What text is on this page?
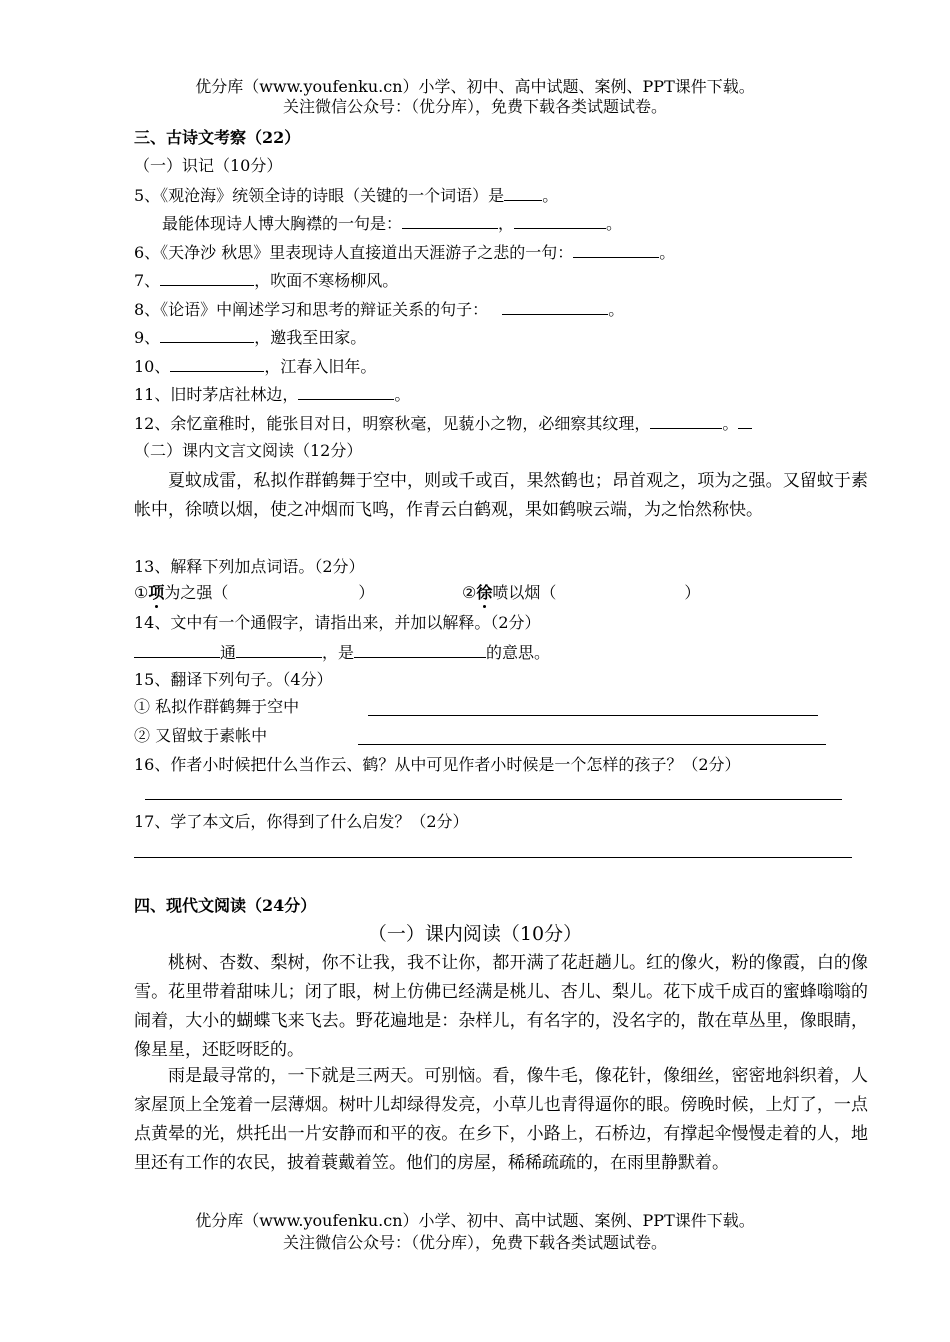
优分库（www.youfenku.cn）小学、初中、高中试题、案例、PPT课件下载。
关注微信公众号：（优分库），免费下载各类试题试卷。
三、古诗文考察（22）
（一）识记（10分）
5、《观沧海》统领全诗的诗眼（关键的一个词语）是 。
最能体现诗人博大胸襟的一句是：	，	。
6、《天净沙 秋思》里表现诗人直接道出天涯游子之悲的一句：	。
7、	，吹面不寒杨柳风。
8、《论语》中阐述学习和思考的辩证关系的句子：	。
9、	，邀我至田家。
10、	，江春入旧年。
11、旧时茅店社林边，	。
12、余忆童稚时，能张目对日，明察秋毫，见藐小之物，必细察其纹理，	。
（二）课内文言文阅读（12分）
夏蚊成雷，私拟作群鹤舞于空中，则或千或百，果然鹤也；昂首观之，项为之强。又留蚊于素帐中，徐喷以烟，使之冲烟而飞鸣，作青云白鹤观，果如鹤唳云端，为之怡然称快。
13、解释下列加点词语。（2分）
①项为之强（	）	②徐喷以烟（	）
14、文中有一个通假字，请指出来，并加以解释。（2分）
通	，是	的意思。
15、翻译下列句子。（4分）
① 私拟作群鹤舞于空中
② 又留蚊于素帐中
16、作者小时候把什么当作云、鹤？从中可见作者小时候是一个怎样的孩子？（2分）
17、学了本文后，你得到了什么启发？（2分）
四、现代文阅读（24分）
（一）课内阅读（10分）
桃树、杏数、梨树，你不让我，我不让你，都开满了花赶趟儿。红的像火，粉的像霞，白的像雪。花里带着甜味儿；闭了眼，树上仿佛已经满是桃儿、杏儿、梨儿。花下成千成百的蜜蜂嗡嗡的闹着，大小的蝴蝶飞来飞去。野花遍地是：杂样儿，有名字的，没名字的，散在草丛里，像眼睛，像星星，还眨呀眨的。
雨是最寻常的，一下就是三两天。可别恼。看，像牛毛，像花针，像细丝，密密地斜织着，人家屋顶上全笼着一层薄烟。树叶儿却绿得发亮，小草儿也青得逼你的眼。傍晚时候，上灯了，一点点黄晕的光，烘托出一片安静而和平的夜。在乡下，小路上，石桥边，有撑起伞慢慢走着的人，地里还有工作的农民，披着蓑戴着笠。他们的房屋，稀稀疏疏的，在雨里静默着。
优分库（www.youfenku.cn）小学、初中、高中试题、案例、PPT课件下载。
关注微信公众号：（优分库），免费下载各类试题试卷。
